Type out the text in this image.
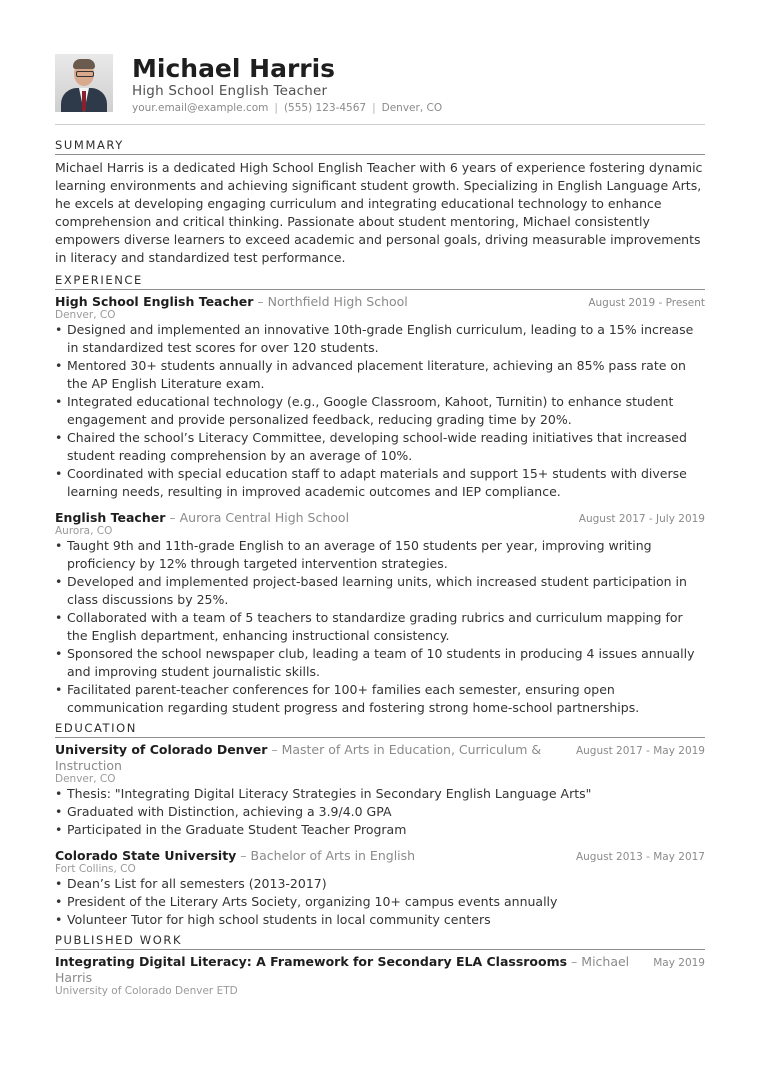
Michael Harris
High School English Teacher
your.email@example.com | (555) 123-4567 | Denver, CO
SUMMARY

Michael Harris is a dedicated High School English Teacher with 6 years of experience fostering dynamic learning environments and achieving significant student growth. Specializing in English Language Arts, he excels at developing engaging curriculum and integrating educational technology to enhance comprehension and critical thinking. Passionate about student mentoring, Michael consistently empowers diverse learners to exceed academic and personal goals, driving measurable improvements in literacy and standardized test performance.

EXPERIENCE
High School English Teacher – Northfield High School	August 2019 - Present
Denver, CO
• Designed and implemented an innovative 10th-grade English curriculum, leading to a 15% increase in standardized test scores for over 120 students.
• Mentored 30+ students annually in advanced placement literature, achieving an 85% pass rate on the AP English Literature exam.
• Integrated educational technology (e.g., Google Classroom, Kahoot, Turnitin) to enhance student engagement and provide personalized feedback, reducing grading time by 20%.
• Chaired the school’s Literacy Committee, developing school-wide reading initiatives that increased student reading comprehension by an average of 10%.
• Coordinated with special education staff to adapt materials and support 15+ students with diverse learning needs, resulting in improved academic outcomes and IEP compliance.
English Teacher – Aurora Central High School	August 2017 - July 2019
Aurora, CO
• Taught 9th and 11th-grade English to an average of 150 students per year, improving writing proficiency by 12% through targeted intervention strategies.
• Developed and implemented project-based learning units, which increased student participation in class discussions by 25%.
• Collaborated with a team of 5 teachers to standardize grading rubrics and curriculum mapping for the English department, enhancing instructional consistency.
• Sponsored the school newspaper club, leading a team of 10 students in producing 4 issues annually and improving student journalistic skills.
• Facilitated parent-teacher conferences for 100+ families each semester, ensuring open communication regarding student progress and fostering strong home-school partnerships.
EDUCATION
University of Colorado Denver – Master of Arts in Education, Curriculum & Instruction
August 2017 - May 2019
Denver, CO
• Thesis: "Integrating Digital Literacy Strategies in Secondary English Language Arts"
• Graduated with Distinction, achieving a 3.9/4.0 GPA
• Participated in the Graduate Student Teacher Program
Colorado State University – Bachelor of Arts in English	August 2013 - May 2017
Fort Collins, CO
• Dean’s List for all semesters (2013-2017)
• President of the Literary Arts Society, organizing 10+ campus events annually
• Volunteer Tutor for high school students in local community centers
PUBLISHED WORK
Integrating Digital Literacy: A Framework for Secondary ELA Classrooms – Michael Harris
May 2019
University of Colorado Denver ETD
